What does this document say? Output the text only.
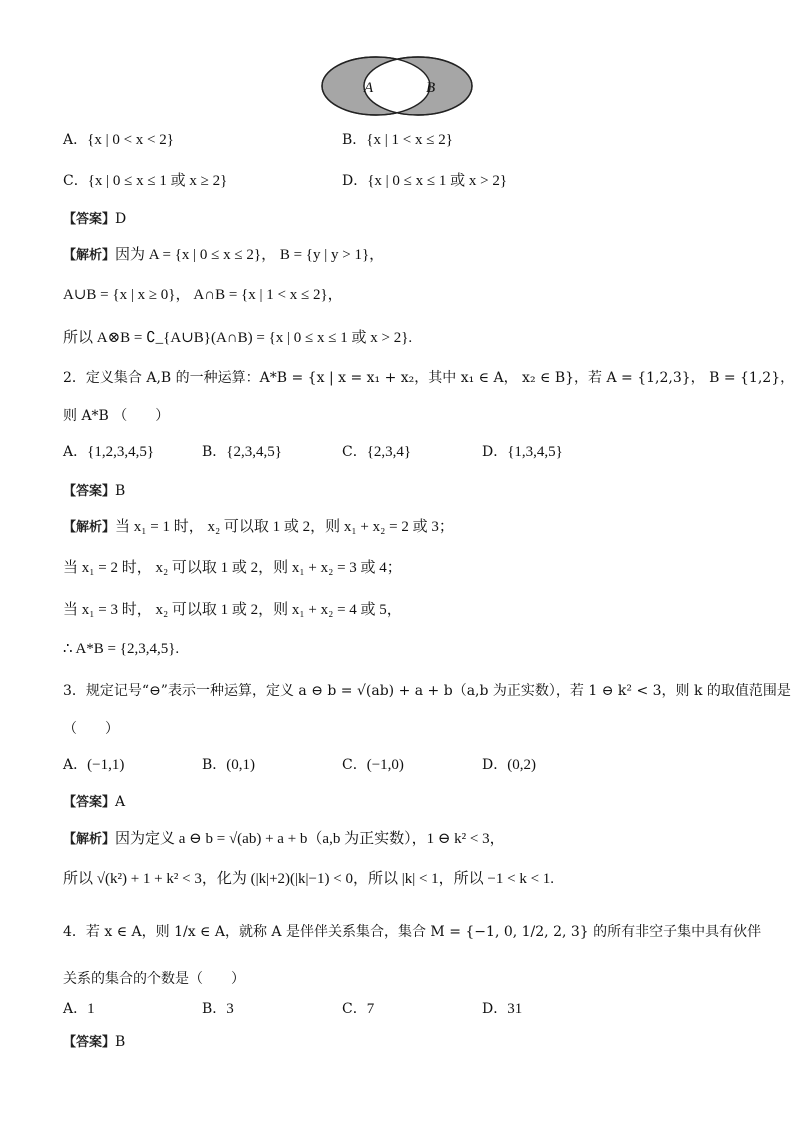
A	B
A．{x | 0 < x < 2}	B．{x | 1 < x ≤ 2}
C．{x | 0 ≤ x ≤ 1 或 x ≥ 2}	D．{x | 0 ≤ x ≤ 1 或 x > 2}
【答案】D
【解析】因为 A = {x | 0 ≤ x ≤ 2}， B = {y | y > 1}，
A∪B = {x | x ≥ 0}， A∩B = {x | 1 < x ≤ 2}，
所以 A⊗B = ∁_{A∪B}(A∩B) = {x | 0 ≤ x ≤ 1 或 x > 2}.
2．定义集合 A,B 的一种运算：A*B = {x | x = x₁ + x₂，其中 x₁ ∈ A， x₂ ∈ B}，若 A = {1,2,3}， B = {1,2}，
则 A*B （　　）
A．{1,2,3,4,5}	B．{2,3,4,5}	C．{2,3,4}	D．{1,3,4,5}
【答案】B
【解析】当 x₁ = 1 时， x₂ 可以取 1 或 2，则 x₁ + x₂ = 2 或 3；
当 x₁ = 2 时， x₂ 可以取 1 或 2，则 x₁ + x₂ = 3 或 4；
当 x₁ = 3 时， x₂ 可以取 1 或 2，则 x₁ + x₂ = 4 或 5，
∴ A*B = {2,3,4,5}.
3．规定记号“⊖”表示一种运算，定义 a ⊖ b = √(ab) + a + b（a,b 为正实数），若 1 ⊖ k² < 3，则 k 的取值范围是
（　　）
A．(−1,1)	B．(0,1)	C．(−1,0)	D．(0,2)
【答案】A
【解析】因为定义 a ⊖ b = √(ab) + a + b（a,b 为正实数），1 ⊖ k² < 3，
所以 √(k²) + 1 + k² < 3，化为 (|k|+2)(|k|−1) < 0，所以 |k| < 1，所以 −1 < k < 1.
4．若 x ∈ A，则 1/x ∈ A，就称 A 是伴伴关系集合，集合 M = {−1, 0, 1/2, 2, 3} 的所有非空子集中具有伙伴
关系的集合的个数是（　　）
A．1	B．3	C．7	D．31
【答案】B
